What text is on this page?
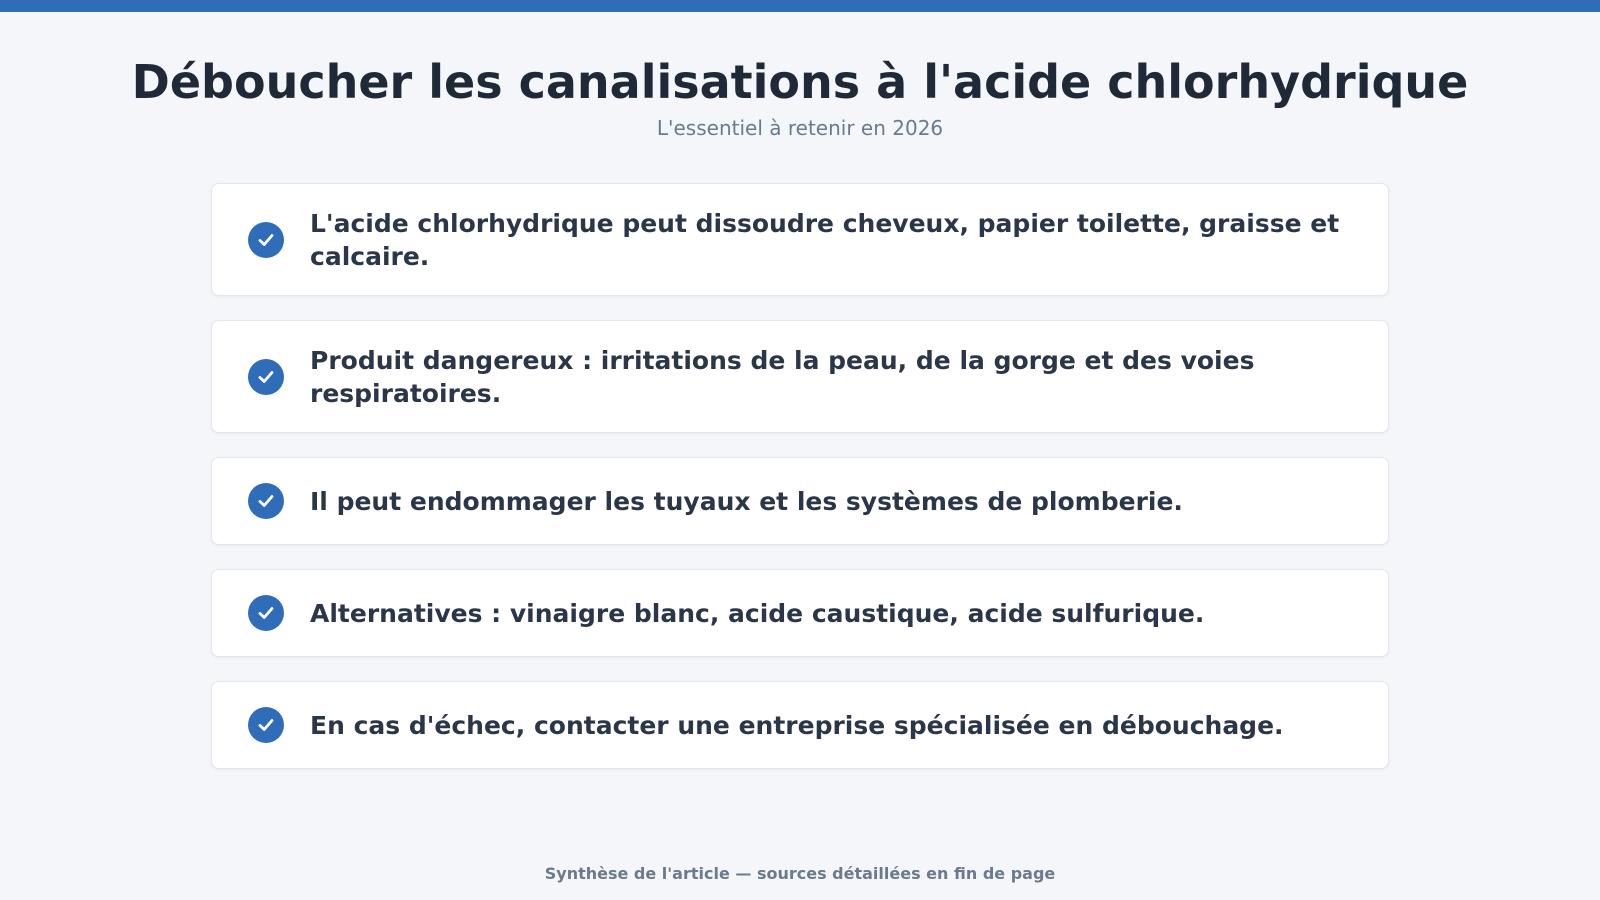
Déboucher les canalisations à l'acide chlorhydrique
L'essentiel à retenir en 2026
L'acide chlorhydrique peut dissoudre cheveux, papier toilette, graisse et calcaire.
Produit dangereux : irritations de la peau, de la gorge et des voies respiratoires.
Il peut endommager les tuyaux et les systèmes de plomberie.
Alternatives : vinaigre blanc, acide caustique, acide sulfurique.
En cas d'échec, contacter une entreprise spécialisée en débouchage.
Synthèse de l'article — sources détaillées en fin de page
